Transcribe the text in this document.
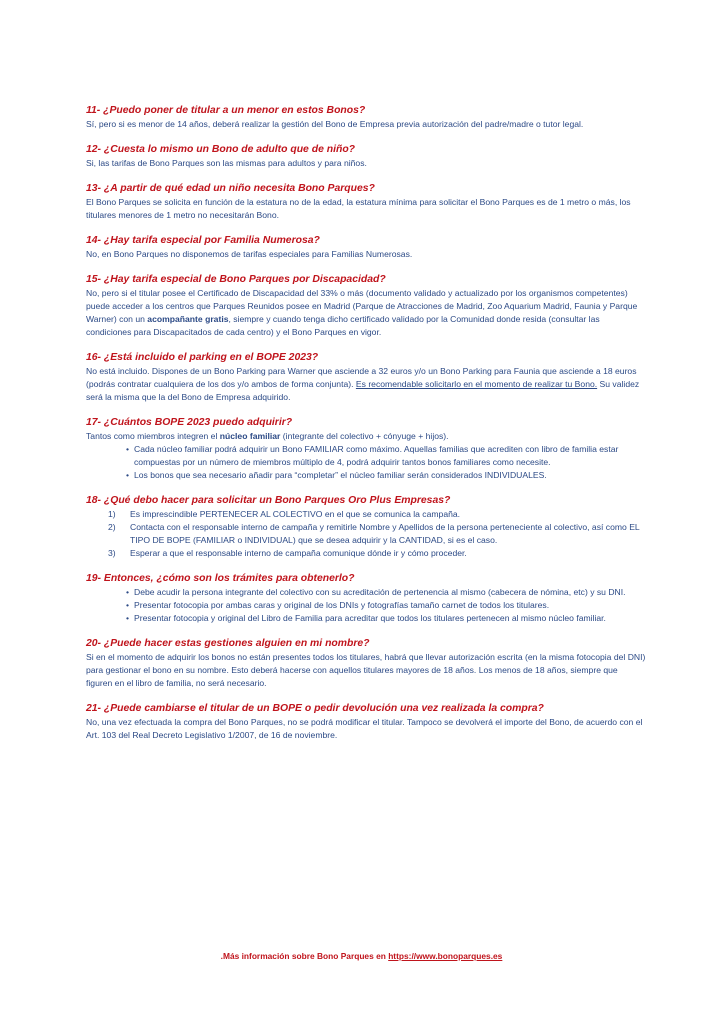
11- ¿Puedo poner de titular a un menor en estos Bonos?
Sí, pero si es menor de 14 años, deberá realizar la gestión del Bono de Empresa previa autorización del padre/madre o tutor legal.
12- ¿Cuesta lo mismo un Bono de adulto que de niño?
Si, las tarifas de Bono Parques son las mismas para adultos y para niños.
13- ¿A partir de qué edad un niño necesita Bono Parques?
El Bono Parques se solicita en función de la estatura no de la edad, la estatura mínima para solicitar el Bono Parques es de 1 metro o más, los titulares menores de 1 metro no necesitarán Bono.
14- ¿Hay tarifa especial por Familia Numerosa?
No, en Bono Parques no disponemos de tarifas especiales para Familias Numerosas.
15- ¿Hay tarifa especial de Bono Parques por Discapacidad?
No, pero si el titular posee el Certificado de Discapacidad del 33% o más (documento validado y actualizado por los organismos competentes) puede acceder a los centros que Parques Reunidos posee en Madrid (Parque de Atracciones de Madrid, Zoo Aquarium Madrid, Faunia y Parque Warner) con un acompañante gratis, siempre y cuando tenga dicho certificado validado por la Comunidad donde resida (consultar las condiciones para Discapacitados de cada centro) y el Bono Parques en vigor.
16- ¿Está incluido el parking en el BOPE 2023?
No está incluido. Dispones de un Bono Parking para Warner que asciende a 32 euros y/o un Bono Parking para Faunia que asciende a 18 euros (podrás contratar cualquiera de los dos y/o ambos de forma conjunta). Es recomendable solicitarlo en el momento de realizar tu Bono. Su validez será la misma que la del Bono de Empresa adquirido.
17- ¿Cuántos BOPE 2023 puedo adquirir?
Tantos como miembros integren el núcleo familiar (integrante del colectivo + cónyuge + hijos).
• Cada núcleo familiar podrá adquirir un Bono FAMILIAR como máximo. Aquellas familias que acrediten con libro de familia estar compuestas por un número de miembros múltiplo de 4, podrá adquirir tantos bonos familiares como necesite.
• Los bonos que sea necesario añadir para “completar” el núcleo familiar serán considerados INDIVIDUALES.
18- ¿Qué debo hacer para solicitar un Bono Parques Oro Plus Empresas?
1) Es imprescindible PERTENECER AL COLECTIVO en el que se comunica la campaña.
2) Contacta con el responsable interno de campaña y remitirle Nombre y Apellidos de la persona perteneciente al colectivo, así como EL TIPO DE BOPE (FAMILIAR o INDIVIDUAL) que se desea adquirir y la CANTIDAD, si es el caso.
3) Esperar a que el responsable interno de campaña comunique dónde ir y cómo proceder.
19- Entonces, ¿cómo son los trámites para obtenerlo?
• Debe acudir la persona integrante del colectivo con su acreditación de pertenencia al mismo (cabecera de nómina, etc) y su DNI.
• Presentar fotocopia por ambas caras y original de los DNIs y fotografías tamaño carnet de todos los titulares.
• Presentar fotocopia y original del Libro de Familia para acreditar que todos los titulares pertenecen al mismo núcleo familiar.
20- ¿Puede hacer estas gestiones alguien en mi nombre?
Si en el momento de adquirir los bonos no están presentes todos los titulares, habrá que llevar autorización escrita (en la misma fotocopia del DNI) para gestionar el bono en su nombre. Esto deberá hacerse con aquellos titulares mayores de 18 años. Los menos de 18 años, siempre que figuren en el libro de familia, no será necesario.
21- ¿Puede cambiarse el titular de un BOPE o pedir devolución una vez realizada la compra?
No, una vez efectuada la compra del Bono Parques, no se podrá modificar el titular. Tampoco se devolverá el importe del Bono, de acuerdo con el Art. 103 del Real Decreto Legislativo 1/2007, de 16 de noviembre.
.Más información sobre Bono Parques en https://www.bonoparques.es
